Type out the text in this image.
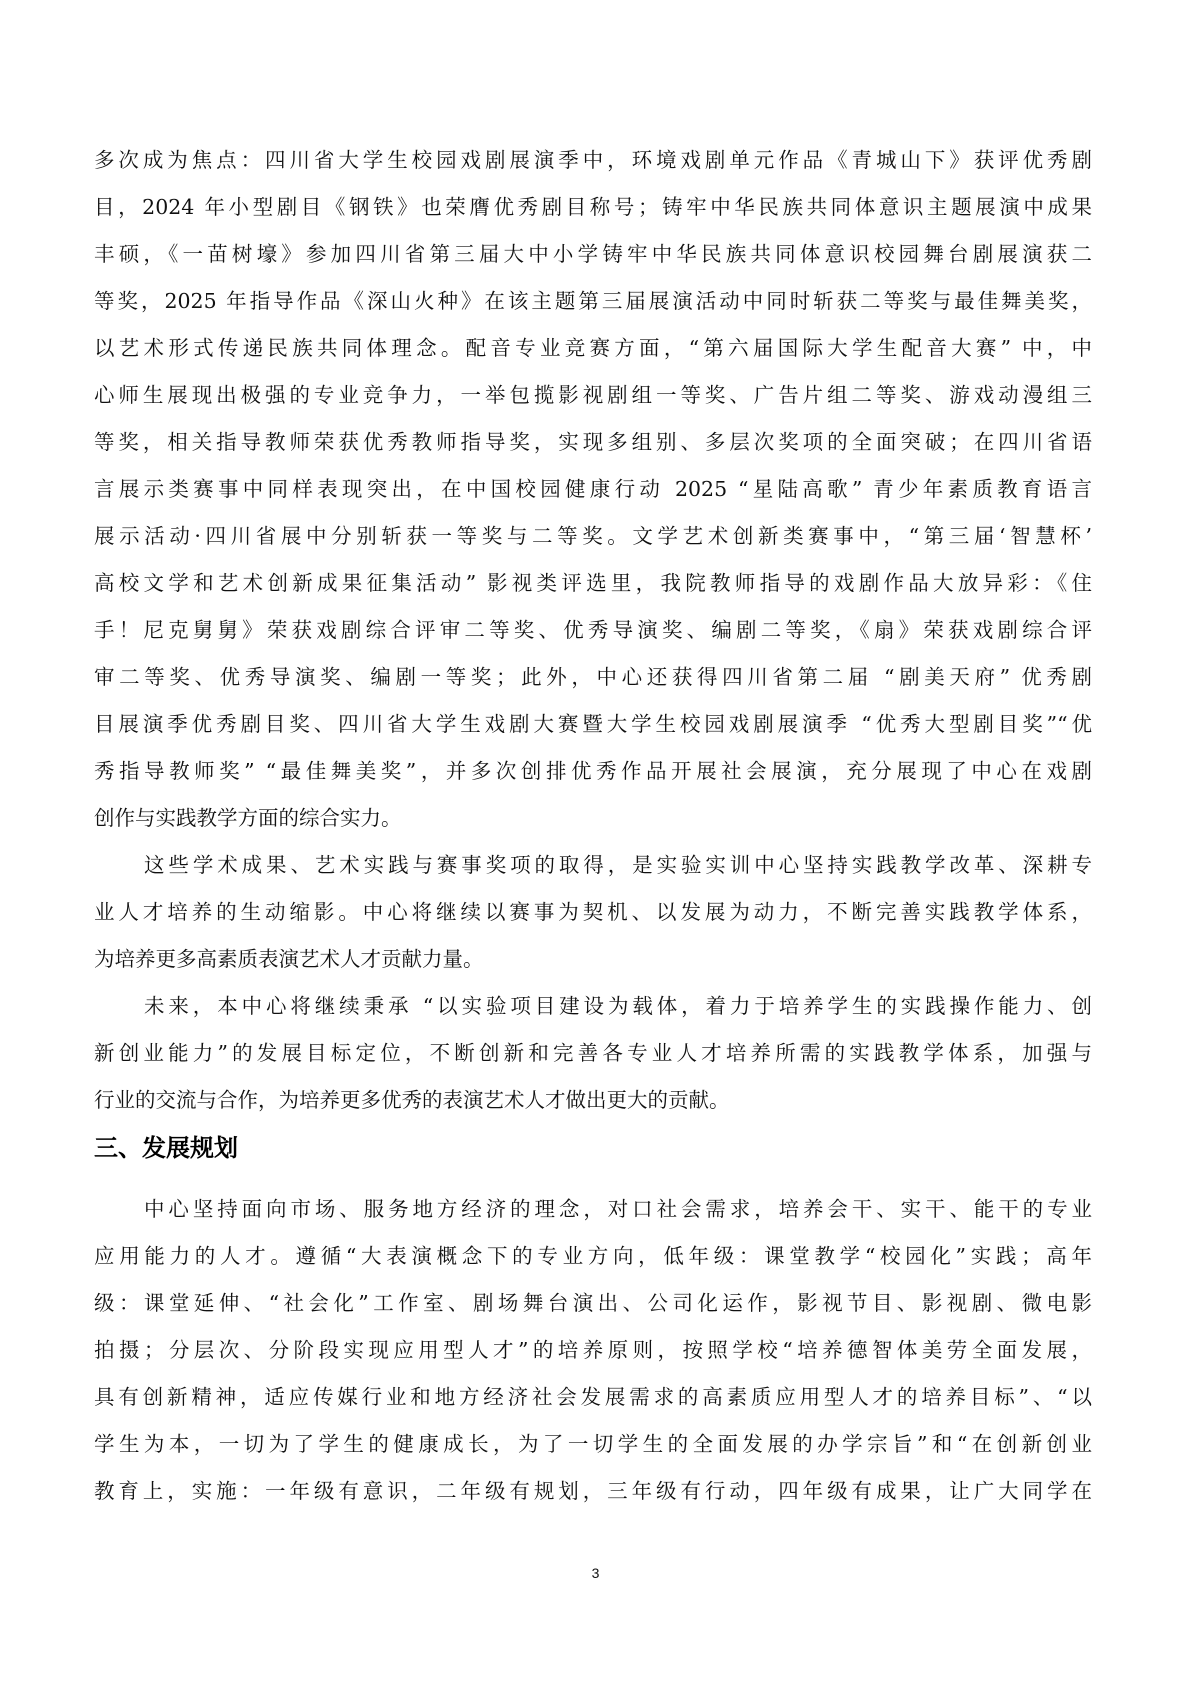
多次成为焦点：四川省大学生校园戏剧展演季中，环境戏剧单元作品《青城山下》获评优秀剧
目，2024 年小型剧目《钢铁》也荣膺优秀剧目称号；铸牢中华民族共同体意识主题展演中成果
丰硕，《一苗树壕》参加四川省第三届大中小学铸牢中华民族共同体意识校园舞台剧展演获二
等奖，2025 年指导作品《深山火种》在该主题第三届展演活动中同时斩获二等奖与最佳舞美奖，
以艺术形式传递民族共同体理念。配音专业竞赛方面，“第六届国际大学生配音大赛” 中，中
心师生展现出极强的专业竞争力，一举包揽影视剧组一等奖、广告片组二等奖、游戏动漫组三
等奖，相关指导教师荣获优秀教师指导奖，实现多组别、多层次奖项的全面突破；在四川省语
言展示类赛事中同样表现突出，在中国校园健康行动 2025 “星陆高歌” 青少年素质教育语言
展示活动·四川省展中分别斩获一等奖与二等奖。文学艺术创新类赛事中，“第三届‘智慧杯’
高校文学和艺术创新成果征集活动” 影视类评选里，我院教师指导的戏剧作品大放异彩：《住
手！尼克舅舅》荣获戏剧综合评审二等奖、优秀导演奖、编剧二等奖，《扇》荣获戏剧综合评
审二等奖、优秀导演奖、编剧一等奖；此外，中心还获得四川省第二届 “剧美天府” 优秀剧
目展演季优秀剧目奖、四川省大学生戏剧大赛暨大学生校园戏剧展演季 “优秀大型剧目奖”“优
秀指导教师奖” “最佳舞美奖”，并多次创排优秀作品开展社会展演，充分展现了中心在戏剧
创作与实践教学方面的综合实力。
这些学术成果、艺术实践与赛事奖项的取得，是实验实训中心坚持实践教学改革、深耕专
业人才培养的生动缩影。中心将继续以赛事为契机、以发展为动力，不断完善实践教学体系，
为培养更多高素质表演艺术人才贡献力量。
未来，本中心将继续秉承 “以实验项目建设为载体，着力于培养学生的实践操作能力、创
新创业能力”的发展目标定位，不断创新和完善各专业人才培养所需的实践教学体系，加强与
行业的交流与合作，为培养更多优秀的表演艺术人才做出更大的贡献。
三、发展规划
中心坚持面向市场、服务地方经济的理念，对口社会需求，培养会干、实干、能干的专业
应用能力的人才。遵循“大表演概念下的专业方向，低年级：课堂教学“校园化”实践；高年
级：课堂延伸、“社会化”工作室、剧场舞台演出、公司化运作，影视节目、影视剧、微电影
拍摄；分层次、分阶段实现应用型人才”的培养原则，按照学校“培养德智体美劳全面发展，
具有创新精神，适应传媒行业和地方经济社会发展需求的高素质应用型人才的培养目标”、“以
学生为本，一切为了学生的健康成长，为了一切学生的全面发展的办学宗旨”和“在创新创业
教育上，实施：一年级有意识，二年级有规划，三年级有行动，四年级有成果，让广大同学在
3
